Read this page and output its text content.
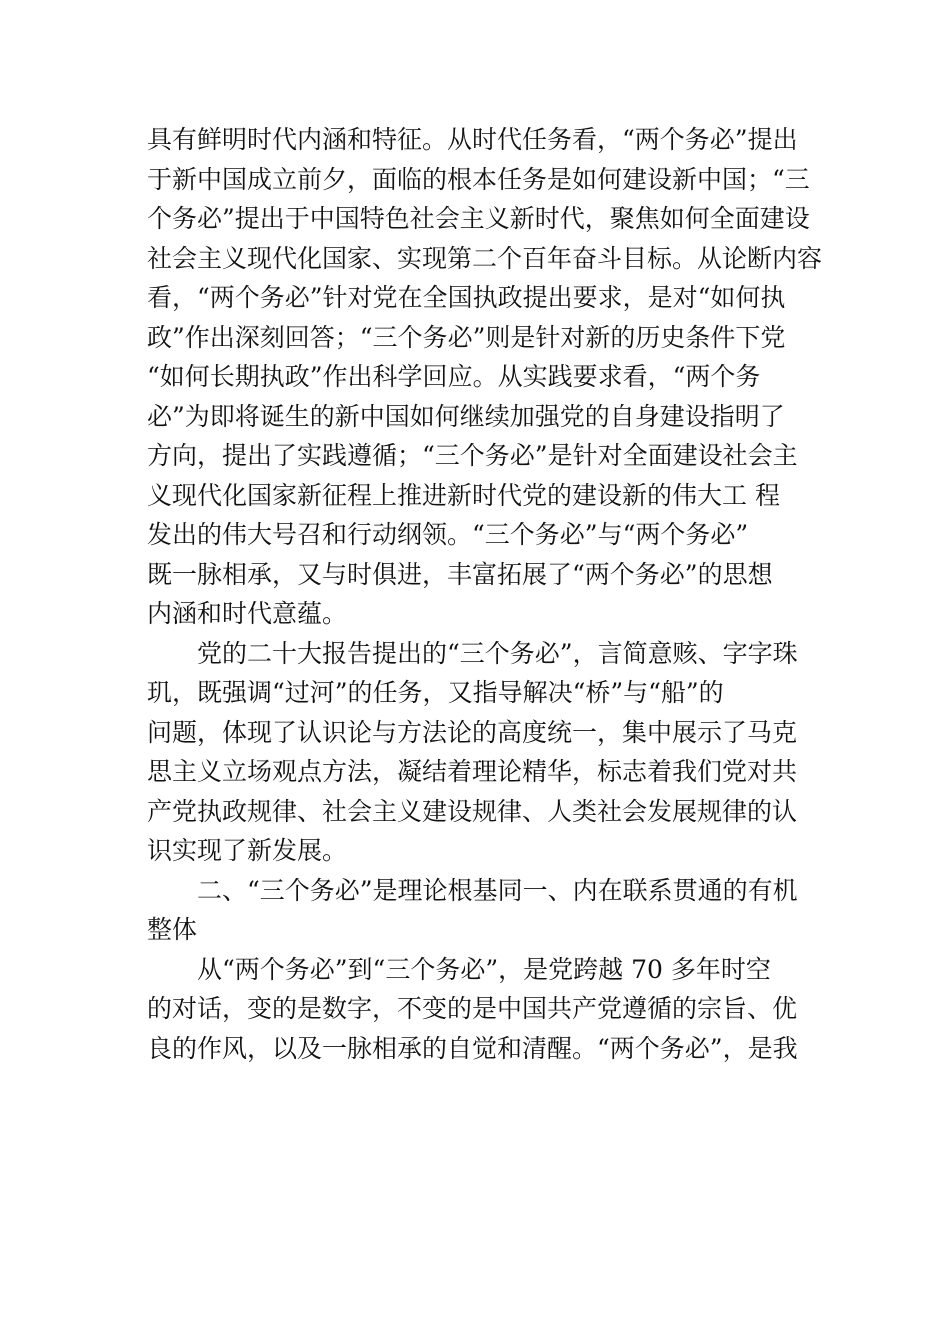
具有鲜明时代内涵和特征。从时代任务看，“两个务必”提出
于新中国成立前夕，面临的根本任务是如何建设新中国；“三
个务必”提出于中国特色社会主义新时代，聚焦如何全面建设
社会主义现代化国家、实现第二个百年奋斗目标。从论断内容
看，“两个务必”针对党在全国执政提出要求，是对“如何执
政”作出深刻回答；“三个务必”则是针对新的历史条件下党
“如何长期执政”作出科学回应。从实践要求看，“两个务
必”为即将诞生的新中国如何继续加强党的自身建设指明了
方向，提出了实践遵循；“三个务必”是针对全面建设社会主
义现代化国家新征程上推进新时代党的建设新的伟大工 程
发出的伟大号召和行动纲领。“三个务必”与“两个务必”
既一脉相承，又与时俱进，丰富拓展了“两个务必”的思想
内涵和时代意蕴。
党的二十大报告提出的“三个务必”，言简意赅、字字珠
玑，既强调“过河”的任务，又指导解决“桥”与“船”的
问题，体现了认识论与方法论的高度统一，集中展示了马克
思主义立场观点方法，凝结着理论精华，标志着我们党对共
产党执政规律、社会主义建设规律、人类社会发展规律的认
识实现了新发展。
二、“三个务必”是理论根基同一、内在联系贯通的有机
整体
从“两个务必”到“三个务必”，是党跨越 70 多年时空
的对话，变的是数字，不变的是中国共产党遵循的宗旨、优
良的作风，以及一脉相承的自觉和清醒。“两个务必”，是我
